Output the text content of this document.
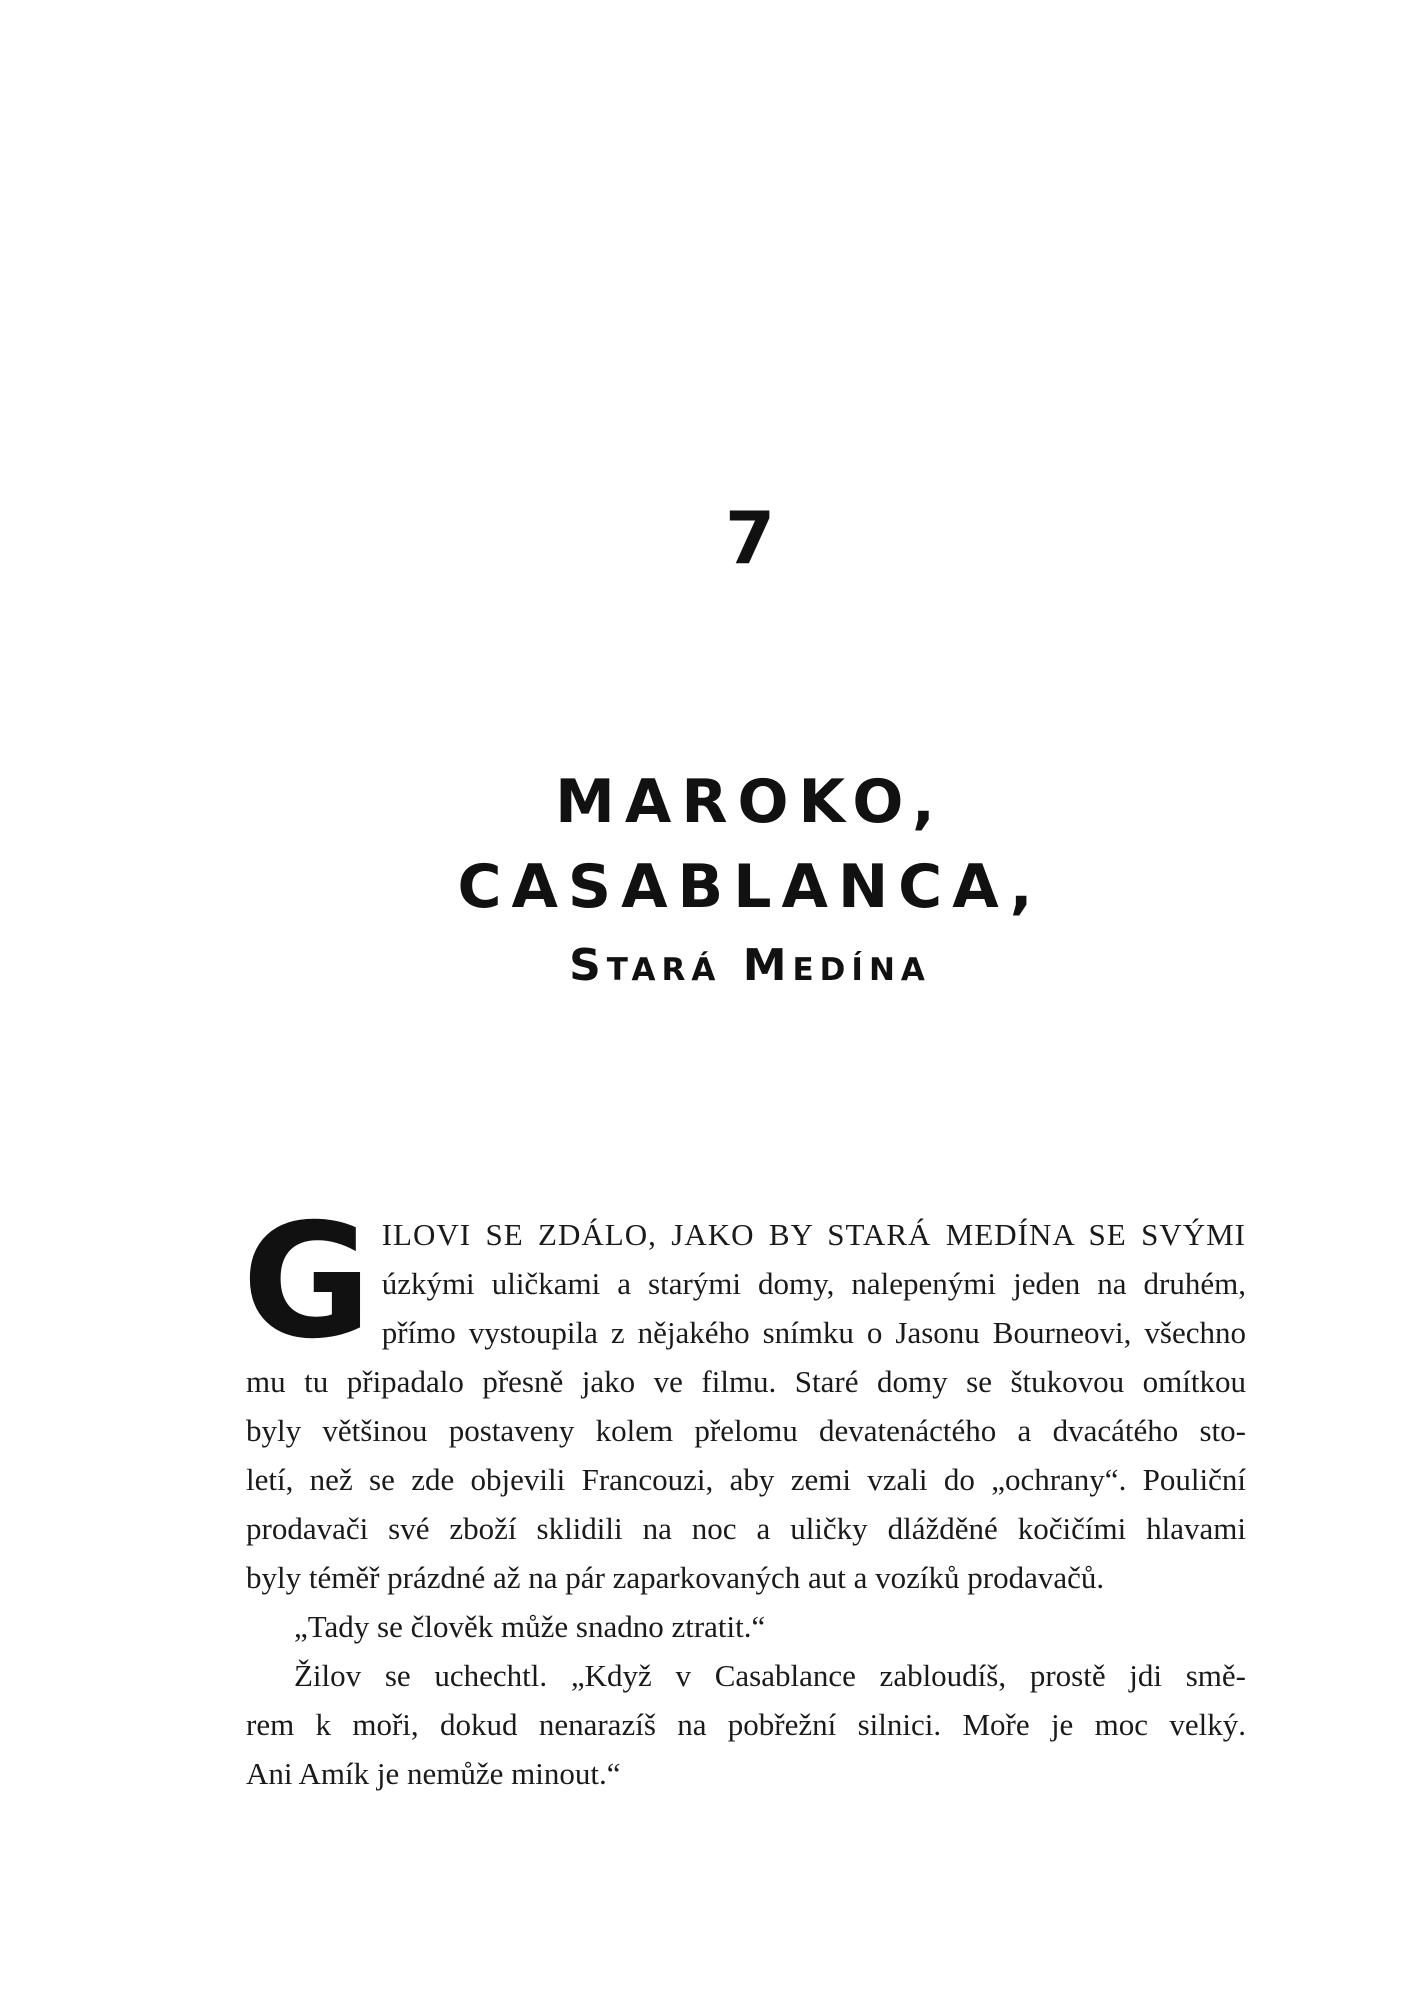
7
MAROKO,
CASABLANCA,
Stará Medína

G ILOVI SE ZDÁLO, JAKO BY STARÁ MEDÍNA SE SVÝMI
úzkými uličkami a starými domy, nalepenými jeden na druhém,
přímo vystoupila z nějakého snímku o Jasonu Bourneovi, všechno
mu tu připadalo přesně jako ve filmu. Staré domy se štukovou omítkou
byly většinou postaveny kolem přelomu devatenáctého a dvacátého sto-
letí, než se zde objevili Francouzi, aby zemi vzali do „ochrany“. Pouliční
prodavači své zboží sklidili na noc a uličky dlážděné kočičími hlavami
byly téměř prázdné až na pár zaparkovaných aut a vozíků prodavačů.

„Tady se člověk může snadno ztratit.“

Žilov se uchechtl. „Když v Casablance zabloudíš, prostě jdi smě-
rem k moři, dokud nenarazíš na pobřežní silnici. Moře je moc velký.
Ani Amík je nemůže minout.“
